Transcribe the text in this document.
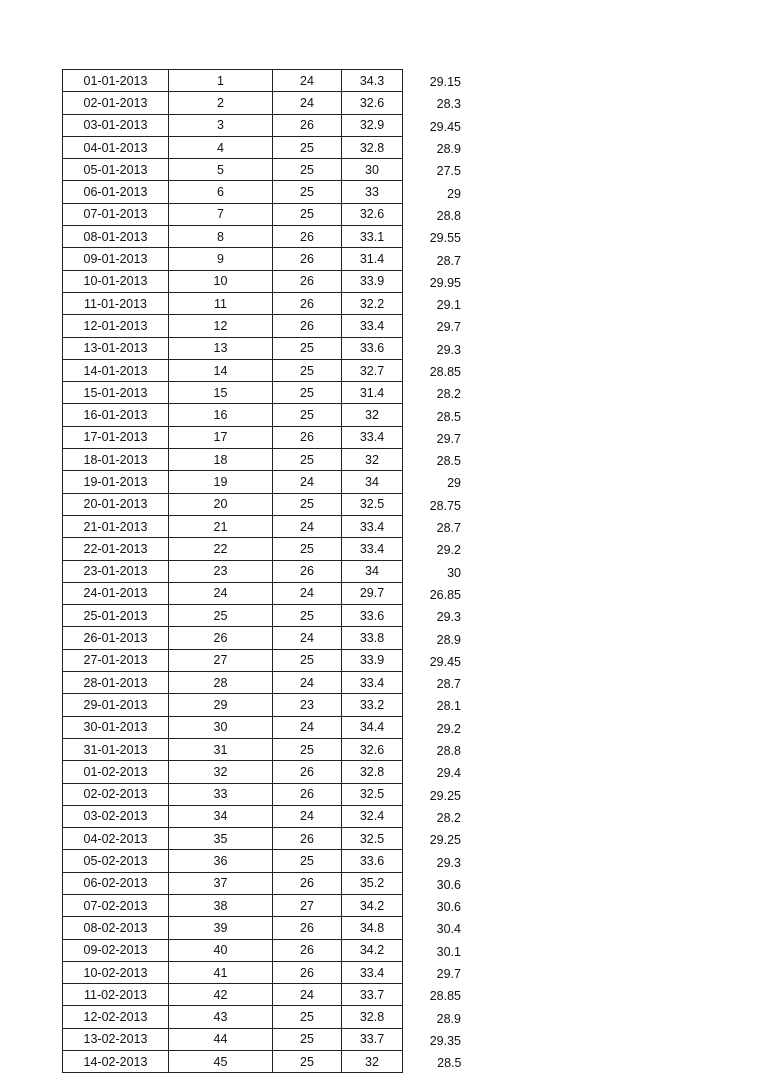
01-01-2013	1	24	34.3	29.15
02-01-2013	2	24	32.6	28.3
03-01-2013	3	26	32.9	29.45
04-01-2013	4	25	32.8	28.9
05-01-2013	5	25	30	27.5
06-01-2013	6	25	33	29
07-01-2013	7	25	32.6	28.8
08-01-2013	8	26	33.1	29.55
09-01-2013	9	26	31.4	28.7
10-01-2013	10	26	33.9	29.95
11-01-2013	11	26	32.2	29.1
12-01-2013	12	26	33.4	29.7
13-01-2013	13	25	33.6	29.3
14-01-2013	14	25	32.7	28.85
15-01-2013	15	25	31.4	28.2
16-01-2013	16	25	32	28.5
17-01-2013	17	26	33.4	29.7
18-01-2013	18	25	32	28.5
19-01-2013	19	24	34	29
20-01-2013	20	25	32.5	28.75
21-01-2013	21	24	33.4	28.7
22-01-2013	22	25	33.4	29.2
23-01-2013	23	26	34	30
24-01-2013	24	24	29.7	26.85
25-01-2013	25	25	33.6	29.3
26-01-2013	26	24	33.8	28.9
27-01-2013	27	25	33.9	29.45
28-01-2013	28	24	33.4	28.7
29-01-2013	29	23	33.2	28.1
30-01-2013	30	24	34.4	29.2
31-01-2013	31	25	32.6	28.8
01-02-2013	32	26	32.8	29.4
02-02-2013	33	26	32.5	29.25
03-02-2013	34	24	32.4	28.2
04-02-2013	35	26	32.5	29.25
05-02-2013	36	25	33.6	29.3
06-02-2013	37	26	35.2	30.6
07-02-2013	38	27	34.2	30.6
08-02-2013	39	26	34.8	30.4
09-02-2013	40	26	34.2	30.1
10-02-2013	41	26	33.4	29.7
11-02-2013	42	24	33.7	28.85
12-02-2013	43	25	32.8	28.9
13-02-2013	44	25	33.7	29.35
14-02-2013	45	25	32	28.5
